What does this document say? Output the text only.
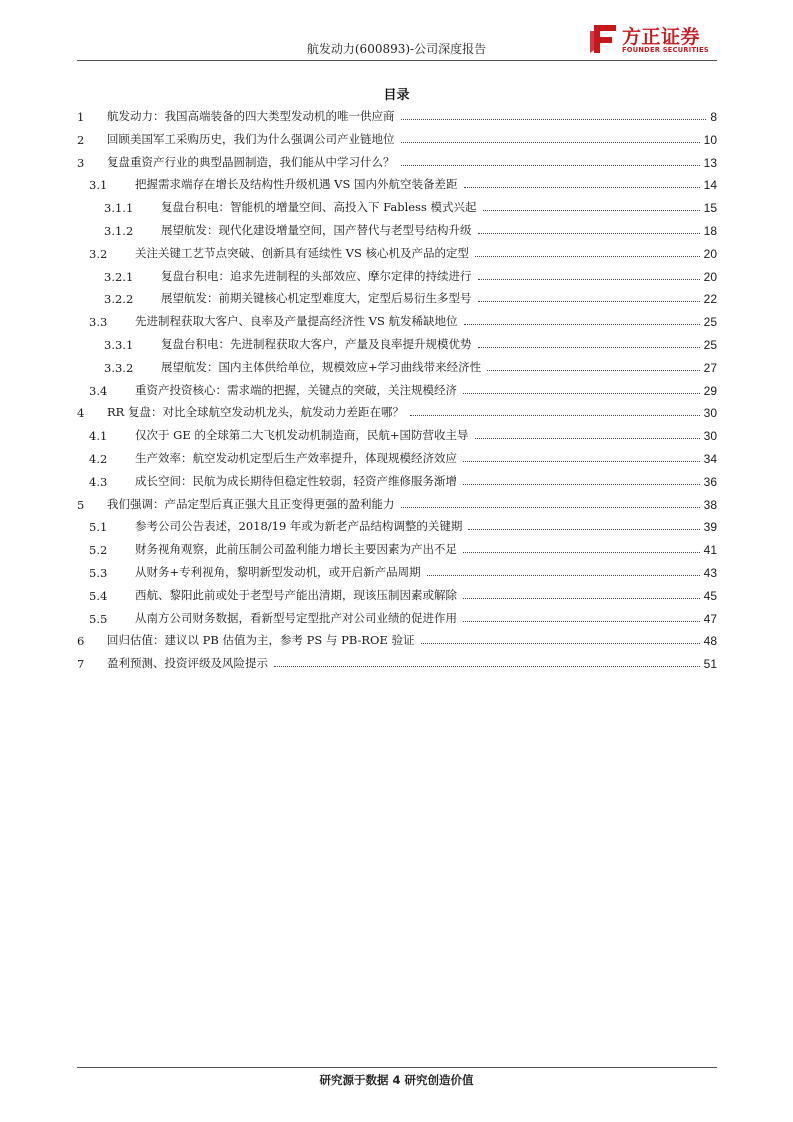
航发动力(600893)-公司深度报告
方正证券
FOUNDER SECURITIES
目录
1	航发动力：我国高端装备的四大类型发动机的唯一供应商	8
2	回顾美国军工采购历史，我们为什么强调公司产业链地位	10
3	复盘重资产行业的典型晶圆制造，我们能从中学习什么？	13
3.1	把握需求端存在增长及结构性升级机遇 VS 国内外航空装备差距	14
3.1.1	复盘台积电：智能机的增量空间、高投入下 Fabless 模式兴起	15
3.1.2	展望航发：现代化建设增量空间，国产替代与老型号结构升级	18
3.2	关注关键工艺节点突破、创新具有延续性 VS 核心机及产品的定型	20
3.2.1	复盘台积电：追求先进制程的头部效应、摩尔定律的持续进行	20
3.2.2	展望航发：前期关键核心机定型难度大，定型后易衍生多型号	22
3.3	先进制程获取大客户、良率及产量提高经济性 VS 航发稀缺地位	25
3.3.1	复盘台积电：先进制程获取大客户，产量及良率提升规模优势	25
3.3.2	展望航发：国内主体供给单位，规模效应+学习曲线带来经济性	27
3.4	重资产投资核心：需求端的把握，关键点的突破，关注规模经济	29
4	RR 复盘：对比全球航空发动机龙头，航发动力差距在哪？	30
4.1	仅次于 GE 的全球第二大飞机发动机制造商，民航+国防营收主导	30
4.2	生产效率：航空发动机定型后生产效率提升，体现规模经济效应	34
4.3	成长空间：民航为成长期待但稳定性较弱，轻资产维修服务渐增	36
5	我们强调：产品定型后真正强大且正变得更强的盈利能力	38
5.1	参考公司公告表述，2018/19 年或为新老产品结构调整的关键期	39
5.2	财务视角观察，此前压制公司盈利能力增长主要因素为产出不足	41
5.3	从财务+专利视角，黎明新型发动机，或开启新产品周期	43
5.4	西航、黎阳此前或处于老型号产能出清期，现该压制因素或解除	45
5.5	从南方公司财务数据，看新型号定型批产对公司业绩的促进作用	47
6	回归估值：建议以 PB 估值为主，参考 PS 与 PB-ROE 验证	48
7	盈利预测、投资评级及风险提示	51
研究源于数据 4 研究创造价值
